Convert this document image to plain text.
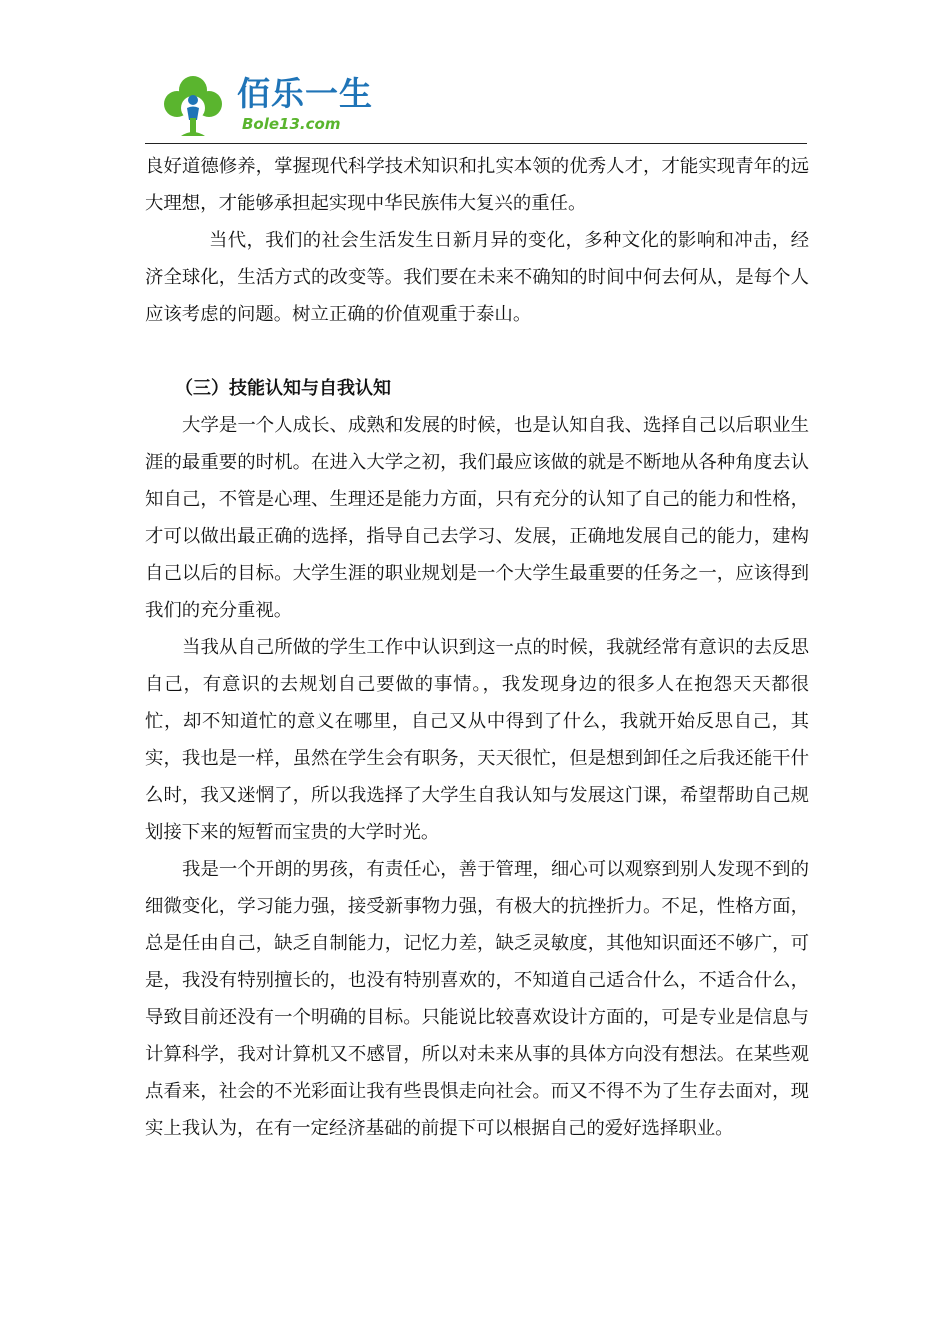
佰乐一生
Bole13.com

良好道德修养，掌握现代科学技术知识和扎实本领的优秀人才，才能实现青年的远大理想，才能够承担起实现中华民族伟大复兴的重任。

当代，我们的社会生活发生日新月异的变化，多种文化的影响和冲击，经济全球化，生活方式的改变等。我们要在未来不确知的时间中何去何从，是每个人应该考虑的问题。树立正确的价值观重于泰山。

（三）技能认知与自我认知

大学是一个人成长、成熟和发展的时候，也是认知自我、选择自己以后职业生涯的最重要的时机。在进入大学之初，我们最应该做的就是不断地从各种角度去认知自己，不管是心理、生理还是能力方面，只有充分的认知了自己的能力和性格，才可以做出最正确的选择，指导自己去学习、发展，正确地发展自己的能力，建构自己以后的目标。大学生涯的职业规划是一个大学生最重要的任务之一，应该得到我们的充分重视。

当我从自己所做的学生工作中认识到这一点的时候，我就经常有意识的去反思自己，有意识的去规划自己要做的事情。，我发现身边的很多人在抱怨天天都很忙，却不知道忙的意义在哪里，自己又从中得到了什么，我就开始反思自己，其实，我也是一样，虽然在学生会有职务，天天很忙，但是想到卸任之后我还能干什么时，我又迷惘了，所以我选择了大学生自我认知与发展这门课，希望帮助自己规划接下来的短暂而宝贵的大学时光。

我是一个开朗的男孩，有责任心，善于管理，细心可以观察到别人发现不到的细微变化，学习能力强，接受新事物力强，有极大的抗挫折力。不足，性格方面，总是任由自己，缺乏自制能力，记忆力差，缺乏灵敏度，其他知识面还不够广，可是，我没有特别擅长的，也没有特别喜欢的，不知道自己适合什么，不适合什么，导致目前还没有一个明确的目标。只能说比较喜欢设计方面的，可是专业是信息与计算科学，我对计算机又不感冒，所以对未来从事的具体方向没有想法。在某些观点看来，社会的不光彩面让我有些畏惧走向社会。而又不得不为了生存去面对，现实上我认为，在有一定经济基础的前提下可以根据自己的爱好选择职业。
